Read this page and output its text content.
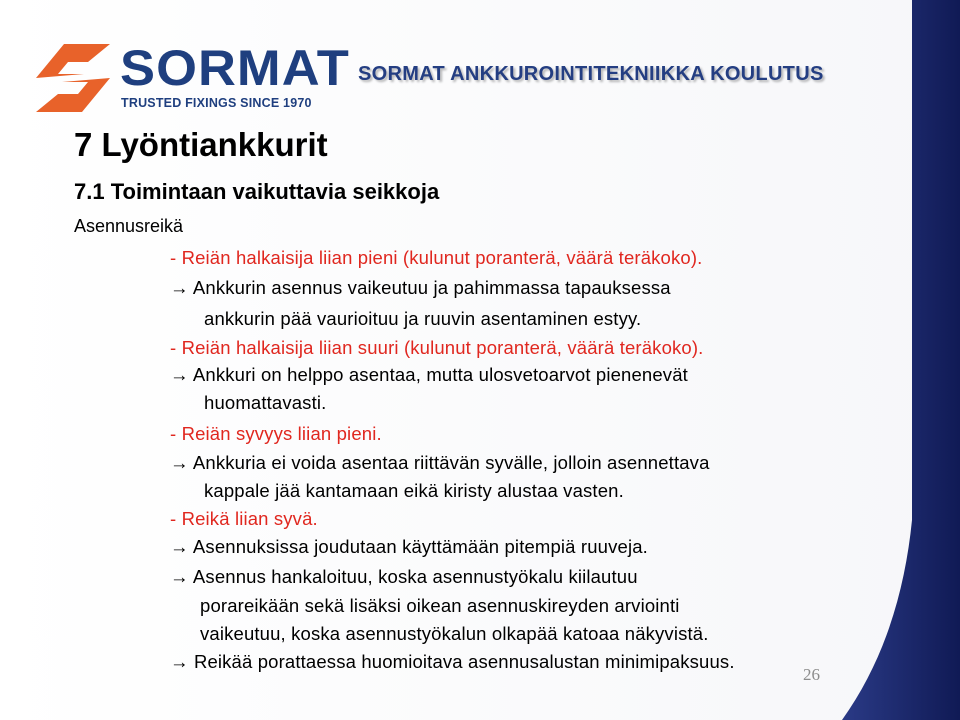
SORMAT
TRUSTED FIXINGS SINCE 1970
SORMAT ANKKUROINTITEKNIIKKA KOULUTUS
7 Lyöntiankkurit
7.1 Toimintaan vaikuttavia seikkoja
Asennusreikä
- Reiän halkaisija liian pieni (kulunut poranterä, väärä teräkoko).
→ Ankkurin asennus vaikeutuu ja pahimmassa tapauksessa
ankkurin pää vaurioituu ja ruuvin asentaminen estyy.
- Reiän halkaisija liian suuri (kulunut poranterä, väärä teräkoko).
→ Ankkuri on helppo asentaa, mutta ulosvetoarvot pienenevät
huomattavasti.
- Reiän syvyys liian pieni.
→ Ankkuria ei voida asentaa riittävän syvälle, jolloin asennettava
kappale jää kantamaan eikä kiristy alustaa vasten.
- Reikä liian syvä.
→ Asennuksissa joudutaan käyttämään pitempiä ruuveja.
→ Asennus hankaloituu, koska asennustyökalu kiilautuu
porareikään sekä lisäksi oikean asennuskireyden arviointi
vaikeutuu, koska asennustyökalun olkapää katoaa näkyvistä.
→ Reikää porattaessa huomioitava asennusalustan minimipaksuus.
26
